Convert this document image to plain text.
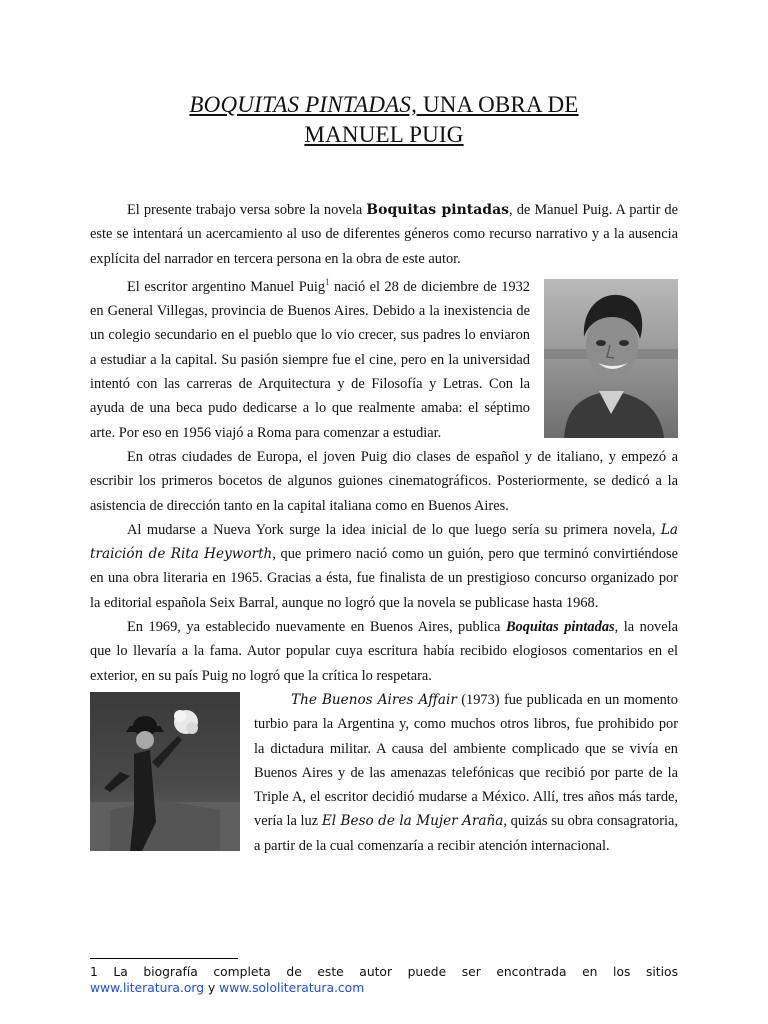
BOQUITAS PINTADAS, UNA OBRA DE
MANUEL PUIG

El presente trabajo versa sobre la novela Boquitas pintadas, de Manuel Puig. A partir de este se intentará un acercamiento al uso de diferentes géneros como recurso narrativo y a la ausencia explícita del narrador en tercera persona en la obra de este autor.

El escritor argentino Manuel Puig$^1$
nació el 28 de diciembre de 1932 en General Villegas, provincia de Buenos Aires. Debido a la inexistencia de un colegio secundario en el pueblo que lo vio crecer, sus padres lo enviaron a estudiar a la capital. Su pasión siempre fue el cine, pero en la universidad intentó con las carreras de Arquitectura y de Filosofía y Letras. Con la ayuda de una beca pudo dedicarse a lo que realmente amaba: el séptimo arte. Por eso en 1956 viajó a Roma para comenzar a estudiar.

En otras ciudades de Europa, el joven Puig dio clases de español y de italiano, y empezó a escribir los primeros bocetos de algunos guiones cinematográficos. Posteriormente, se dedicó a la asistencia de dirección tanto en la capital italiana como en Buenos Aires.

Al mudarse a Nueva York surge la idea inicial de lo que luego sería su primera novela, La traición de Rita Heyworth, que primero nació como un guión, pero que terminó convirtiéndose en una obra literaria en 1965. Gracias a ésta, fue finalista de un prestigioso concurso organizado por la editorial española Seix Barral, aunque no logró que la novela se publicase hasta 1968.

En 1969, ya establecido nuevamente en Buenos Aires, publica Boquitas pintadas, la novela que lo llevaría a la fama. Autor popular cuya escritura había recibido elogiosos comentarios en el exterior, en su país Puig no logró que la crítica lo respetara.

The Buenos Aires Affair (1973) fue publicada en un momento turbio para la Argentina y, como muchos otros libros, fue prohibido por la dictadura militar. A causa del ambiente complicado que se vivía en Buenos Aires y de las amenazas telefónicas que recibió por parte de la Triple A, el escritor decidió mudarse a México. Allí, tres años más tarde, vería la luz El Beso de la Mujer Araña, quizás su obra consagratoria, a partir de la cual comenzaría a recibir atención internacional.

1 La biografía completa de este autor puede ser encontrada en los sitios
www.literatura.org y www.sololiteratura.com
